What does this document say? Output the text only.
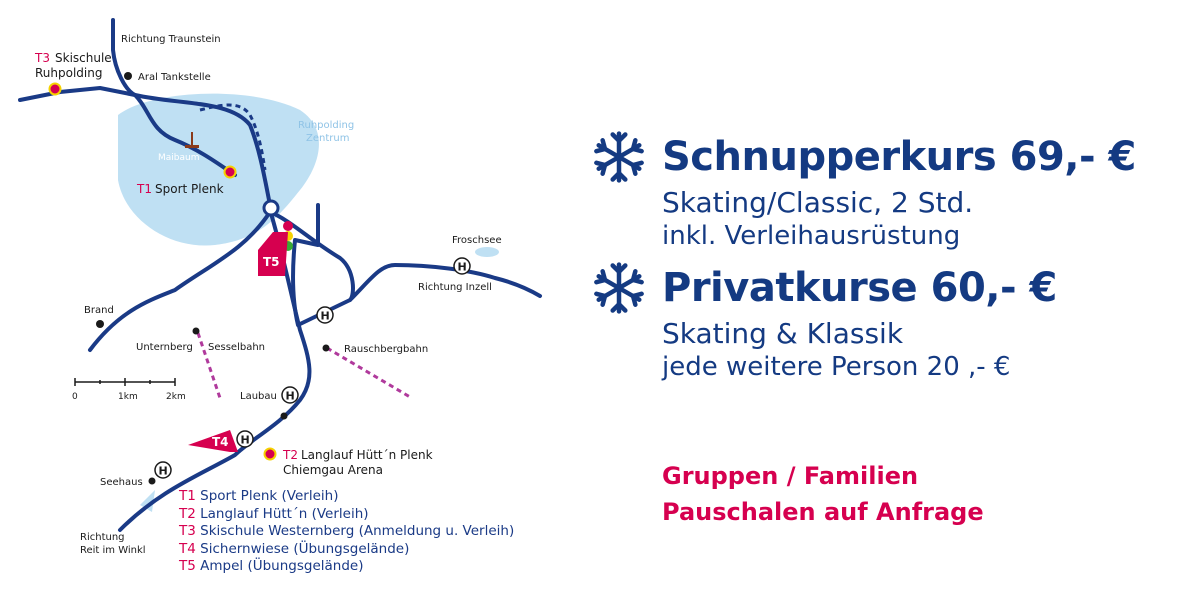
T5
T4
H
H
H
H
H
0	1km	2km
Richtung Traunstein
T3 Skischule
Ruhpolding	Aral Tankstelle
Ruhpolding
Zentrum
Maibaum
T1 Sport Plenk
Froschsee
Richtung Inzell
Brand
Unternberg Sesselbahn	Rauschbergbahn
Laubau
T2 Langlauf Hütt´n Plenk
Chiemgau Arena
Seehaus
Richtung
Reit im Winkl
T1 Sport Plenk (Verleih)
T2 Langlauf Hütt´n (Verleih)
T3 Skischule Westernberg (Anmeldung u. Verleih)
T4 Sichernwiese (Übungsgelände)
T5 Ampel (Übungsgelände)
Schnupperkurs 69,- €
Skating/Classic, 2 Std.
inkl. Verleihausrüstung
Privatkurse 60,- €
Skating & Klassik
jede weitere Person 20 ,- €
Gruppen / Familien
Pauschalen auf Anfrage
